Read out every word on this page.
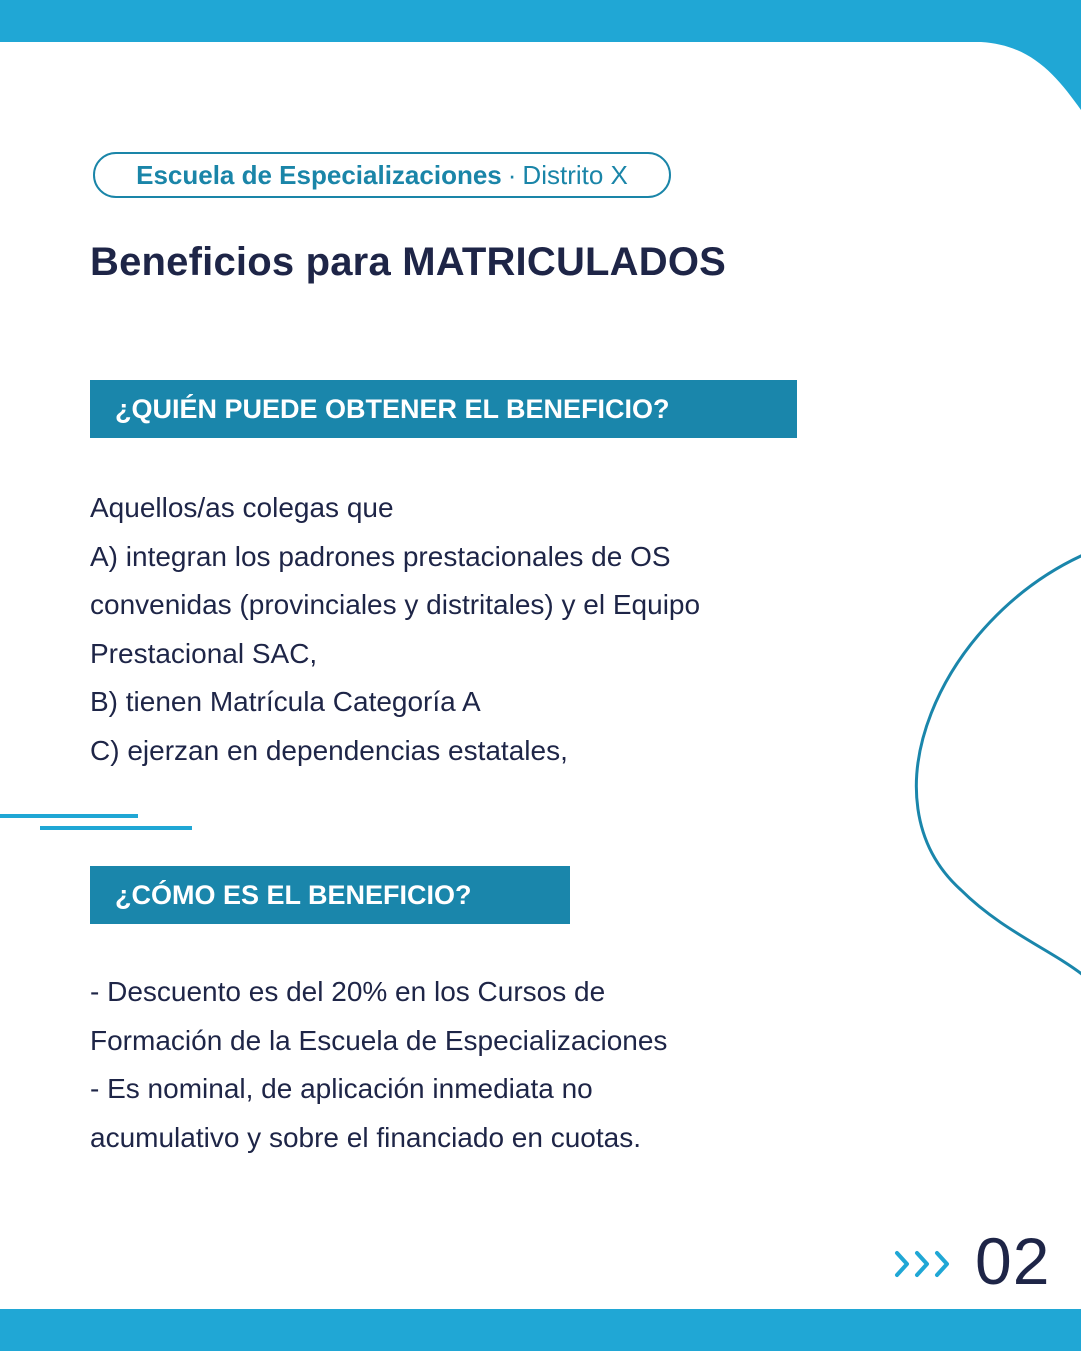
Escuela de Especializaciones · Distrito X
Beneficios para MATRICULADOS
¿QUIÉN PUEDE OBTENER EL BENEFICIO?
Aquellos/as colegas que
A) integran los padrones prestacionales de OS
convenidas (provinciales y distritales) y el Equipo
Prestacional SAC,
B) tienen Matrícula Categoría A
C) ejerzan en dependencias estatales,
¿CÓMO ES EL BENEFICIO?
- Descuento es del 20% en los Cursos de
Formación de la Escuela de Especializaciones
- Es nominal, de aplicación inmediata no
acumulativo y sobre el financiado en cuotas.
02
